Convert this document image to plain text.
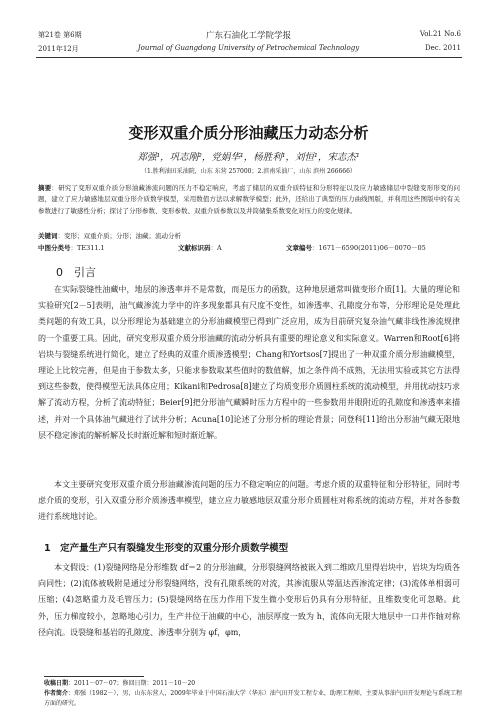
第21卷 第6期
2011年12月
广东石油化工学院学报
Journal of Guangdong University of Petrochemical Technology
Vol.21 No.6
Dec. 2011
变形双重介质分形油藏压力动态分析
郑强¹，巩志刚²，党娟华¹，杨胜利¹，刘恒¹，宋志杰¹
（1.胜利油田采油院，山东 东营 257000；2.滨南采油厂，山东 滨州 266666）
摘要：研究了变形双重介质分形油藏渗流问题的压力不稳定响应，考虑了储层的双重介质特征和分形特征以及应力敏感储层中裂缝变形形变的问题，建立了应力敏感地层双重分形介质数学模型，采用数值方法以求解数学模型；此外，还给出了典型的压力曲线图版，并利用这些图版中的有关参数进行了敏感性分析；探讨了分形参数、变形参数、双重介质参数以及井筒储集系数变化对压力的变化规律。
关键词：变形；双重介质；分形；油藏；流动分析
中图分类号：TE311.1	文献标识码：A	文章编号：1671－6590(2011)06－0070－05
0　引言
在实际裂缝性油藏中，地层的渗透率并不是常数，而是压力的函数，这种地层通常叫做变形介质[1]。大量的理论和实验研究[2－5]表明，油气藏渗流力学中的许多现象都具有尺度不变性，如渗透率、孔隙度分布等，分形理论是处理此类问题的有效工具，以分形理论为基础建立的分形油藏模型已得到广泛应用，成为目前研究复杂油气藏非线性渗流规律的一个重要工具。因此，研究变形双重介质分形油藏的流动分析具有重要的理论意义和实际意义。Warren和Root[6]将岩块与裂缝系统进行简化，建立了经典的双重介质渗透模型；Chang和Yortsos[7]提出了一种双重介质分形油藏模型，理论上比较完善，但是由于参数太多，只能求参数取某些值时的数值解，加之条件尚不成熟，无法用实验或其它方法得到这些参数，使得模型无法具体应用；Kikani和Pedrosa[8]建立了均质变形介质圆柱系统的流动模型，并用扰动技巧求解了流动方程，分析了流动特征；Beier[9]把分形油气藏瞬时压力方程中的一些参数用井眼附近的孔隙度和渗透率来描述，并对一个具体油气藏进行了试井分析；Acuna[10]论述了分形分析的理论背景；同登科[11]给出分形油气藏无限地层不稳定渗流的解析解及长时渐近解和短时渐近解。
本文主要研究变形双重介质分形油藏渗流问题的压力不稳定响应的问题。考虑介质的双重特征和分形特征，同时考虑介质的变形，引入双重分形介质渗透率模型，建立应力敏感地层双重分形介质圆柱对称系统的流动方程，并对各参数进行系统地讨论。
1　定产量生产只有裂缝发生形变的双重分形介质数学模型
本文假设：(1)裂缝网络是分形维数 df＝2 的分形油藏，分形裂缝网络被嵌入到二维欧几里得岩块中，岩块为均质各向同性；(2)流体被吸附是通过分形裂缝网络，没有孔隙系统的对流，其渗流服从等温达西渗流定律；(3)流体单相弱可压缩；(4)忽略重力及毛管压力；(5)裂缝网络在压力作用下发生微小变形后仍具有分形特征，且维数变化可忽略。此外，压力梯度较小，忽略地心引力，生产井位于油藏的中心，油层厚度一致为 h，流体向无限大地层中一口井作轴对称径向流。设裂缝和基岩的孔隙度、渗透率分别为 φf，φm，
收稿日期：2011－07－07；修回日期：2011－10－20
作者简介：郑强（1982－），男，山东东营人，2009年毕业于中国石油大学（华东）油气田开发工程专业，助理工程师，主要从事油气田开发理论与系统工程方面的研究。
